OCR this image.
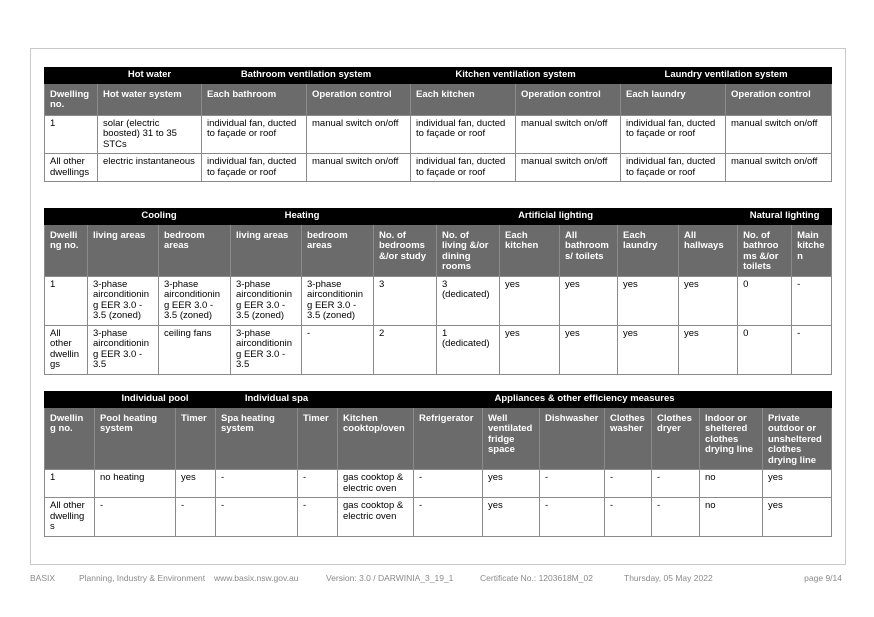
	Hot water	Bathroom ventilation system		Kitchen ventilation system		Laundry ventilation system	
Dwelling no.	Hot water system	Each bathroom	Operation control	Each kitchen	Operation control	Each laundry	Operation control
1	solar (electric boosted) 31 to 35 STCs	individual fan, ducted to façade or roof	manual switch on/off	individual fan, ducted to façade or roof	manual switch on/off	individual fan, ducted to façade or roof	manual switch on/off
All other dwellings	electric instantaneous	individual fan, ducted to façade or roof	manual switch on/off	individual fan, ducted to façade or roof	manual switch on/off	individual fan, ducted to façade or roof	manual switch on/off
	Cooling		Heating		Artificial lighting						Natural lighting	
Dwelling no.	living areas	bedroom areas	living areas	bedroom areas	No. of bedrooms &/or study	No. of living &/or dining rooms	Each kitchen	All bathrooms/ toilets	Each laundry	All hallways	No. of bathrooms &/or toilets	Main kitchen
1	3-phase airconditioning EER 3.0 - 3.5 (zoned)	3-phase airconditioning EER 3.0 - 3.5 (zoned)	3-phase airconditioning EER 3.0 - 3.5 (zoned)	3-phase airconditioning EER 3.0 - 3.5 (zoned)	3	3 (dedicated)	yes	yes	yes	yes	0	-
All other dwellings	3-phase airconditioning EER 3.0 - 3.5	ceiling fans	3-phase airconditioning EER 3.0 - 3.5	-	2	1 (dedicated)	yes	yes	yes	yes	0	-
	Individual pool		Individual spa		Appliances & other efficiency measures							
Dwelling no.	Pool heating system	Timer	Spa heating system	Timer	Kitchen cooktop/oven	Refrigerator	Well ventilated fridge space	Dishwasher	Clothes washer	Clothes dryer	Indoor or sheltered clothes drying line	Private outdoor or unsheltered clothes drying line
1	no heating	yes	-	-	gas cooktop & electric oven	-	yes	-	-	-	no	yes
All other dwellings	-	-	-	-	gas cooktop & electric oven	-	yes	-	-	-	no	yes
BASIX	Planning, Industry & Environment www.basix.nsw.gov.au	Version: 3.0 / DARWINIA_3_19_1	Certificate No.: 1203618M_02	Thursday, 05 May 2022	page 9/14
